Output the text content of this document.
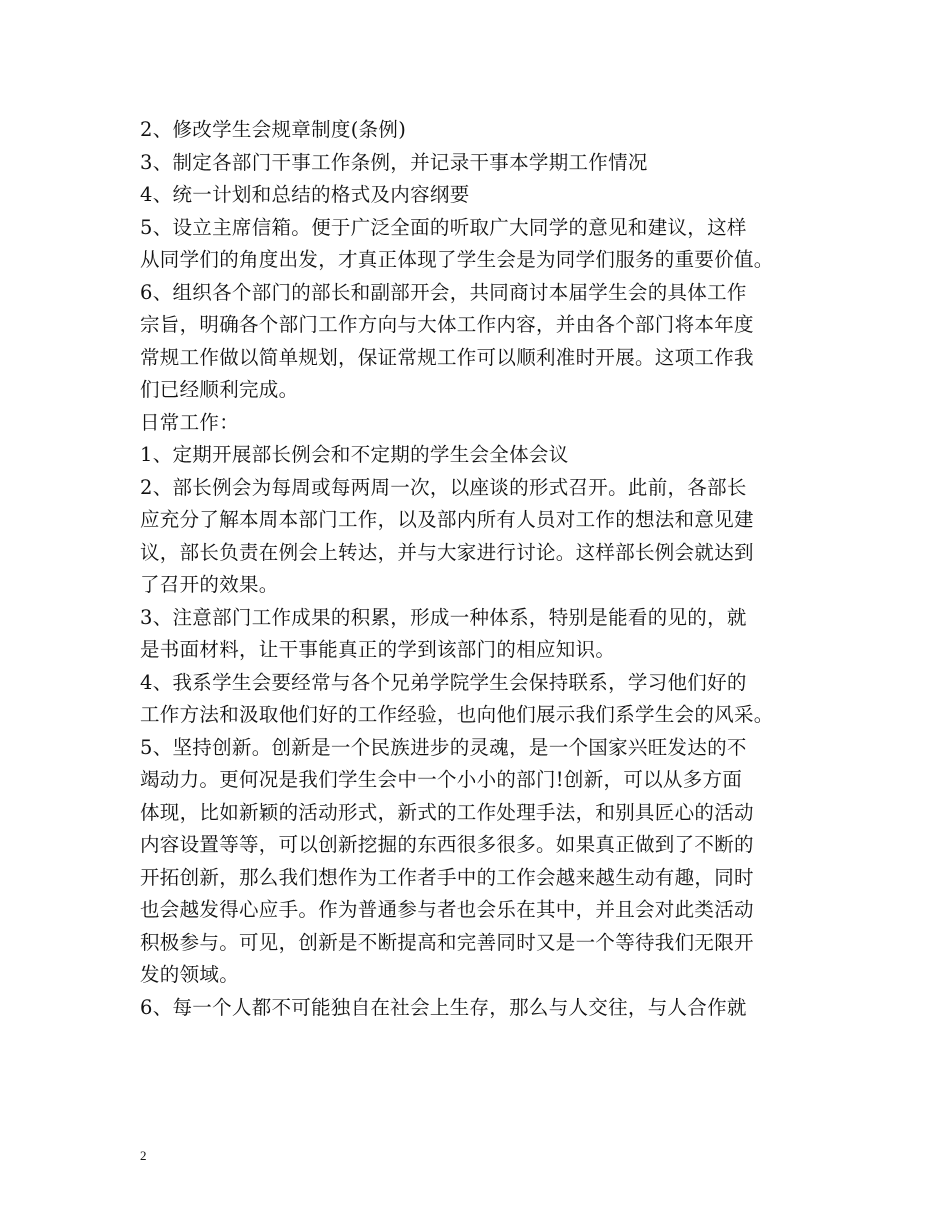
2、修改学生会规章制度(条例)
3、制定各部门干事工作条例，并记录干事本学期工作情况
4、统一计划和总结的格式及内容纲要
5、设立主席信箱。便于广泛全面的听取广大同学的意见和建议，这样
从同学们的角度出发，才真正体现了学生会是为同学们服务的重要价值。
6、组织各个部门的部长和副部开会，共同商讨本届学生会的具体工作
宗旨，明确各个部门工作方向与大体工作内容，并由各个部门将本年度
常规工作做以简单规划，保证常规工作可以顺利准时开展。这项工作我
们已经顺利完成。
日常工作：
1、定期开展部长例会和不定期的学生会全体会议
2、部长例会为每周或每两周一次，以座谈的形式召开。此前，各部长
应充分了解本周本部门工作，以及部内所有人员对工作的想法和意见建
议，部长负责在例会上转达，并与大家进行讨论。这样部长例会就达到
了召开的效果。
3、注意部门工作成果的积累，形成一种体系，特别是能看的见的，就
是书面材料，让干事能真正的学到该部门的相应知识。
4、我系学生会要经常与各个兄弟学院学生会保持联系，学习他们好的
工作方法和汲取他们好的工作经验，也向他们展示我们系学生会的风采。
5、坚持创新。创新是一个民族进步的灵魂，是一个国家兴旺发达的不
竭动力。更何况是我们学生会中一个小小的部门!创新，可以从多方面
体现，比如新颖的活动形式，新式的工作处理手法，和别具匠心的活动
内容设置等等，可以创新挖掘的东西很多很多。如果真正做到了不断的
开拓创新，那么我们想作为工作者手中的工作会越来越生动有趣，同时
也会越发得心应手。作为普通参与者也会乐在其中，并且会对此类活动
积极参与。可见，创新是不断提高和完善同时又是一个等待我们无限开
发的领域。
6、每一个人都不可能独自在社会上生存，那么与人交往，与人合作就
2
